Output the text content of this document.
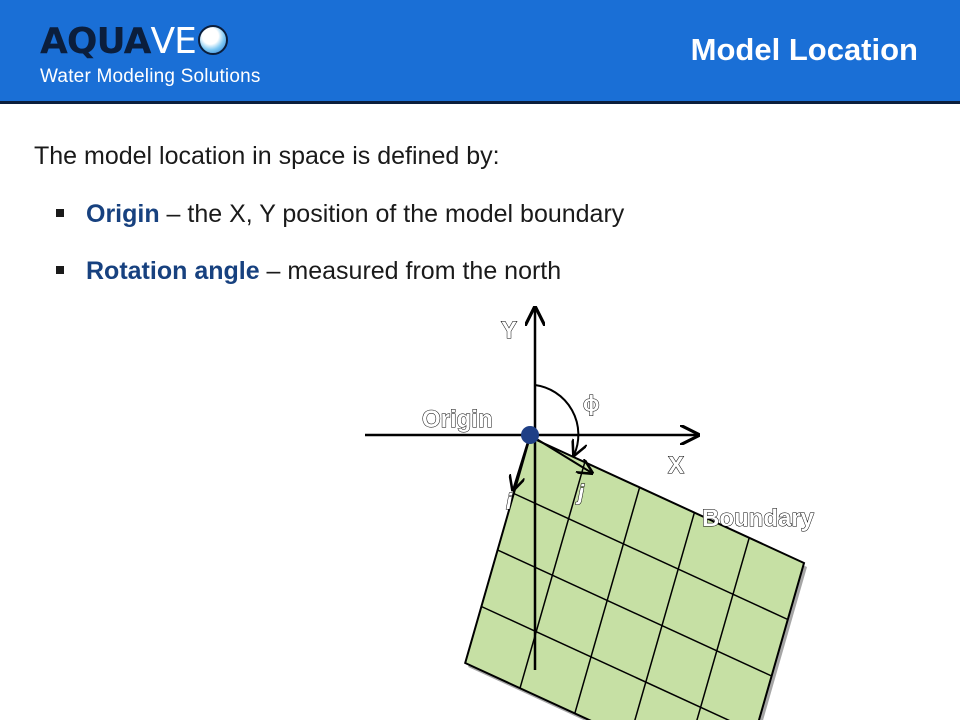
AQUAVE
Water Modeling Solutions
Model Location
The model location in space is defined by:
Origin – the X, Y position of the model boundary
Rotation angle – measured from the north
Y
X
Origin
ϕ
i	j
Boundary
